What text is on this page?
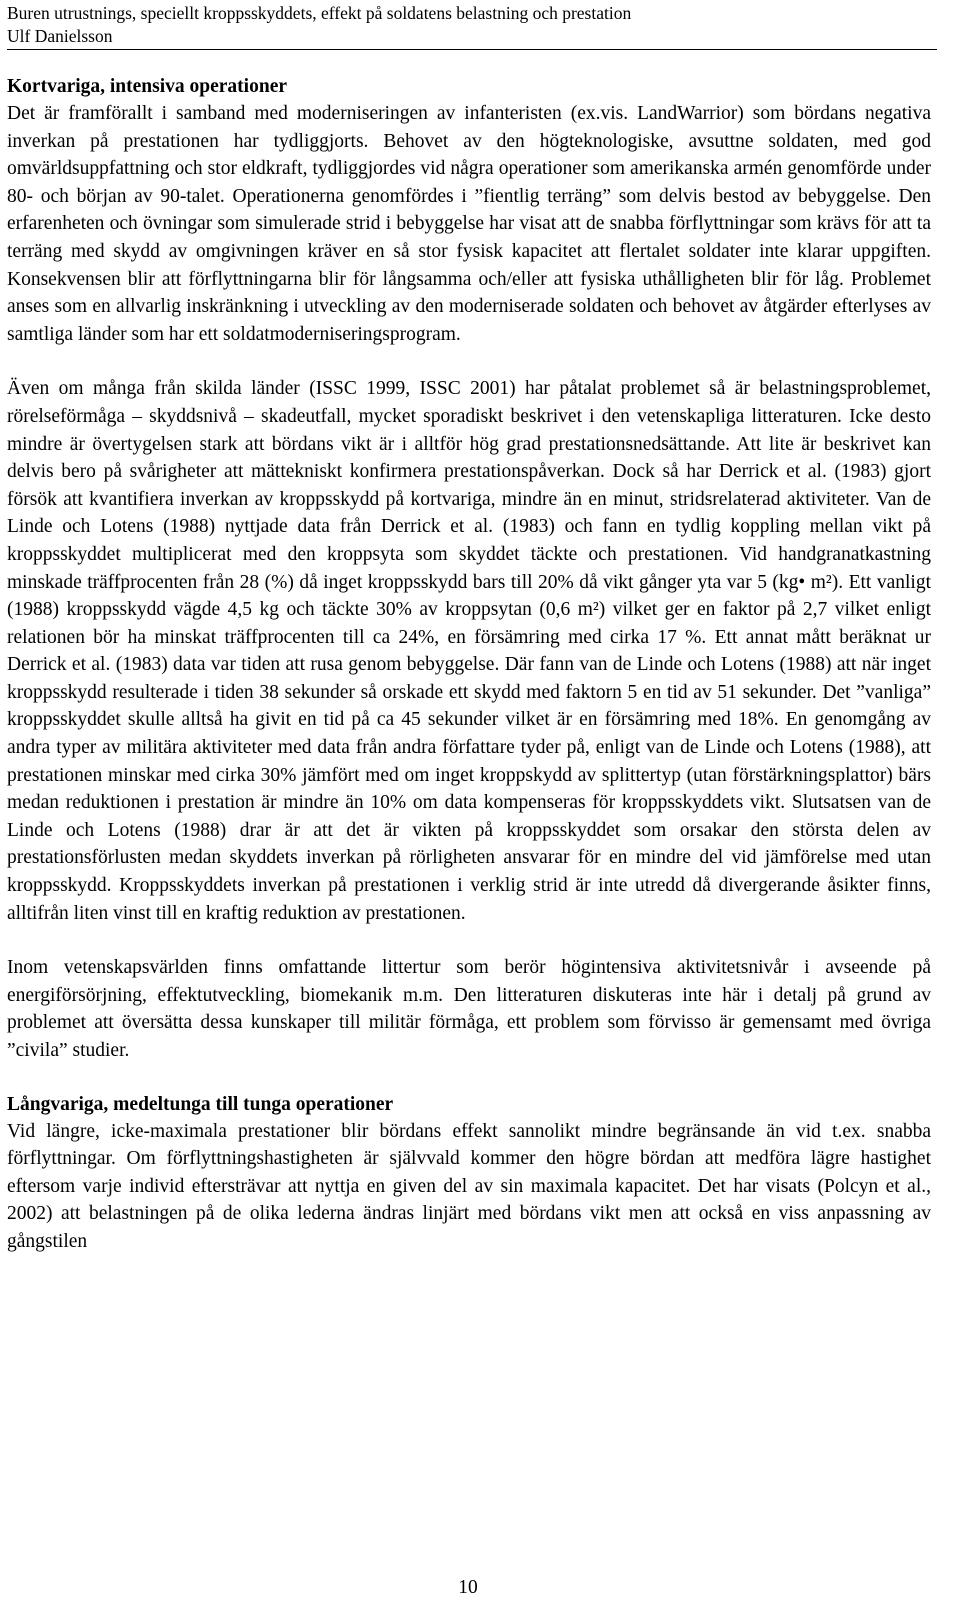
Buren utrustnings, speciellt kroppsskyddets, effekt på soldatens belastning och prestation
Ulf Danielsson
Kortvariga, intensiva operationer

Det är framförallt i samband med moderniseringen av infanteristen (ex.vis. LandWarrior) som bördans negativa inverkan på prestationen har tydliggjorts. Behovet av den högteknologiske, avsuttne soldaten, med god omvärldsuppfattning och stor eldkraft, tydliggjordes vid några operationer som amerikanska armén genomförde under 80- och början av 90-talet. Operationerna genomfördes i ”fientlig terräng” som delvis bestod av bebyggelse. Den erfarenheten och övningar som simulerade strid i bebyggelse har visat att de snabba förflyttningar som krävs för att ta terräng med skydd av omgivningen kräver en så stor fysisk kapacitet att flertalet soldater inte klarar uppgiften. Konsekvensen blir att förflyttningarna blir för långsamma och/eller att fysiska uthålligheten blir för låg. Problemet anses som en allvarlig inskränkning i utveckling av den moderniserade soldaten och behovet av åtgärder efterlyses av samtliga länder som har ett soldatmoderniseringsprogram.

Även om många från skilda länder (ISSC 1999, ISSC 2001) har påtalat problemet så är belastningsproblemet, rörelseförmåga – skyddsnivå – skadeutfall, mycket sporadiskt beskrivet i den vetenskapliga litteraturen. Icke desto mindre är övertygelsen stark att bördans vikt är i alltför hög grad prestationsnedsättande. Att lite är beskrivet kan delvis bero på svårigheter att mättekniskt konfirmera prestationspåverkan. Dock så har Derrick et al. (1983) gjort försök att kvantifiera inverkan av kroppsskydd på kortvariga, mindre än en minut, stridsrelaterad aktiviteter. Van de Linde och Lotens (1988) nyttjade data från Derrick et al. (1983) och fann en tydlig koppling mellan vikt på kroppsskyddet multiplicerat med den kroppsyta som skyddet täckte och prestationen. Vid handgranatkastning minskade träffprocenten från 28 (%) då inget kroppsskydd bars till 20% då vikt gånger yta var 5 (kg• m²). Ett vanligt (1988) kroppsskydd vägde 4,5 kg och täckte 30% av kroppsytan (0,6 m²) vilket ger en faktor på 2,7 vilket enligt relationen bör ha minskat träffprocenten till ca 24%, en försämring med cirka 17 %. Ett annat mått beräknat ur Derrick et al. (1983) data var tiden att rusa genom bebyggelse. Där fann van de Linde och Lotens (1988) att när inget kroppsskydd resulterade i tiden 38 sekunder så orskade ett skydd med faktorn 5 en tid av 51 sekunder. Det ”vanliga” kroppsskyddet skulle alltså ha givit en tid på ca 45 sekunder vilket är en försämring med 18%. En genomgång av andra typer av militära aktiviteter med data från andra författare tyder på, enligt van de Linde och Lotens (1988), att prestationen minskar med cirka 30% jämfört med om inget kroppskydd av splittertyp (utan förstärkningsplattor) bärs medan reduktionen i prestation är mindre än 10% om data kompenseras för kroppsskyddets vikt. Slutsatsen van de Linde och Lotens (1988) drar är att det är vikten på kroppsskyddet som orsakar den största delen av prestationsförlusten medan skyddets inverkan på rörligheten ansvarar för en mindre del vid jämförelse med utan kroppsskydd. Kroppsskyddets inverkan på prestationen i verklig strid är inte utredd då divergerande åsikter finns, alltifrån liten vinst till en kraftig reduktion av prestationen.

Inom vetenskapsvärlden finns omfattande littertur som berör högintensiva aktivitetsnivår i avseende på energiförsörjning, effektutveckling, biomekanik m.m. Den litteraturen diskuteras inte här i detalj på grund av problemet att översätta dessa kunskaper till militär förmåga, ett problem som förvisso är gemensamt med övriga ”civila” studier.

Långvariga, medeltunga till tunga operationer

Vid längre, icke-maximala prestationer blir bördans effekt sannolikt mindre begränsande än vid t.ex. snabba förflyttningar. Om förflyttningshastigheten är självvald kommer den högre bördan att medföra lägre hastighet eftersom varje individ eftersträvar att nyttja en given del av sin maximala kapacitet. Det har visats (Polcyn et al., 2002) att belastningen på de olika lederna ändras linjärt med bördans vikt men att också en viss anpassning av gångstilen

10
